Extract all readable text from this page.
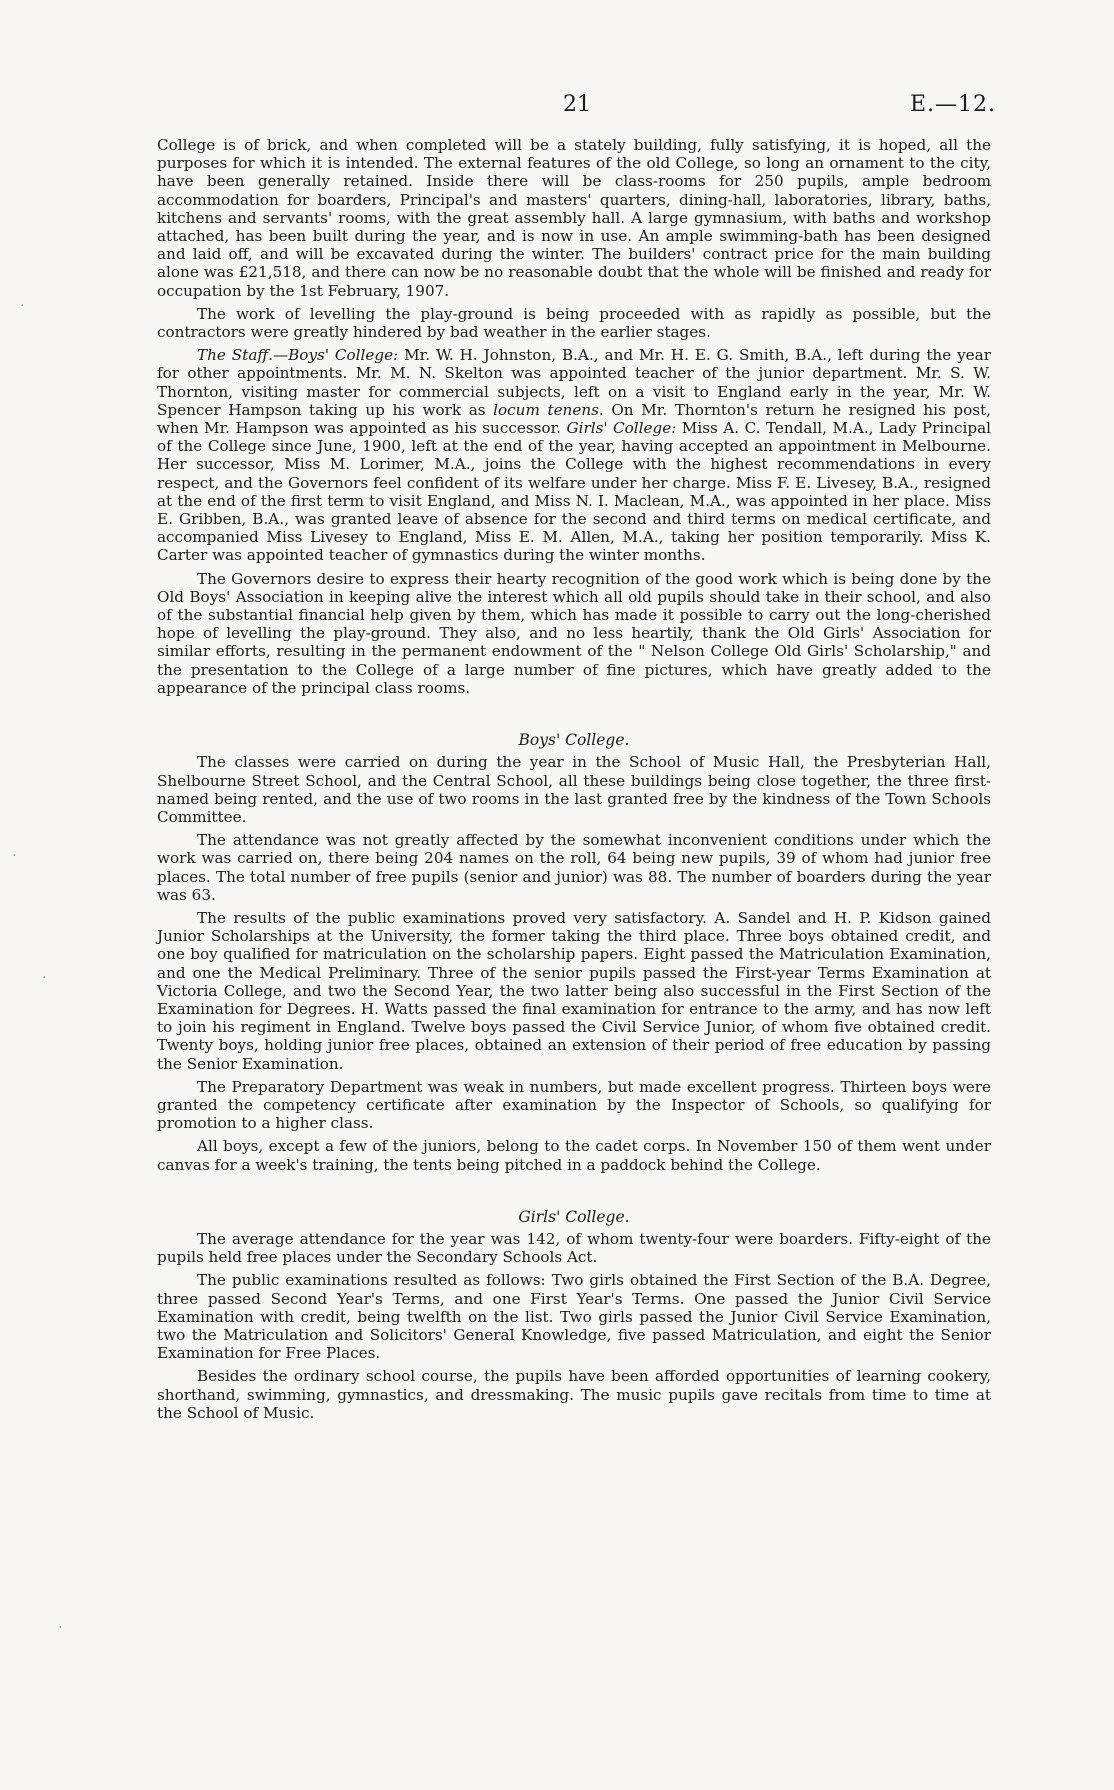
21	E.—12.

College is of brick, and when completed will be a stately building, fully satisfying, it is hoped, all the purposes for which it is intended. The external features of the old College, so long an ornament to the city, have been generally retained. Inside there will be class-rooms for 250 pupils, ample bedroom accommodation for boarders, Principal's and masters' quarters, dining-hall, laboratories, library, baths, kitchens and servants' rooms, with the great assembly hall. A large gymnasium, with baths and workshop attached, has been built during the year, and is now in use. An ample swimming-bath has been designed and laid off, and will be excavated during the winter. The builders' contract price for the main building alone was £21,518, and there can now be no reasonable doubt that the whole will be finished and ready for occupation by the 1st February, 1907.

The work of levelling the play-ground is being proceeded with as rapidly as possible, but the contractors were greatly hindered by bad weather in the earlier stages.

The Staff.—Boys' College: Mr. W. H. Johnston, B.A., and Mr. H. E. G. Smith, B.A., left during the year for other appointments. Mr. M. N. Skelton was appointed teacher of the junior department. Mr. S. W. Thornton, visiting master for commercial subjects, left on a visit to England early in the year, Mr. W. Spencer Hampson taking up his work as locum tenens. On Mr. Thornton's return he resigned his post, when Mr. Hampson was appointed as his successor. Girls' College: Miss A. C. Tendall, M.A., Lady Principal of the College since June, 1900, left at the end of the year, having accepted an appointment in Melbourne. Her successor, Miss M. Lorimer, M.A., joins the College with the highest recommendations in every respect, and the Governors feel confident of its welfare under her charge. Miss F. E. Livesey, B.A., resigned at the end of the first term to visit England, and Miss N. I. Maclean, M.A., was appointed in her place. Miss E. Gribben, B.A., was granted leave of absence for the second and third terms on medical certificate, and accompanied Miss Livesey to England, Miss E. M. Allen, M.A., taking her position temporarily. Miss K. Carter was appointed teacher of gymnastics during the winter months.

The Governors desire to express their hearty recognition of the good work which is being done by the Old Boys' Association in keeping alive the interest which all old pupils should take in their school, and also of the substantial financial help given by them, which has made it possible to carry out the long-cherished hope of levelling the play-ground. They also, and no less heartily, thank the Old Girls' Association for similar efforts, resulting in the permanent endowment of the " Nelson College Old Girls' Scholarship," and the presentation to the College of a large number of fine pictures, which have greatly added to the appearance of the principal class rooms.

Boys' College.

The classes were carried on during the year in the School of Music Hall, the Presbyterian Hall, Shelbourne Street School, and the Central School, all these buildings being close together, the three first-named being rented, and the use of two rooms in the last granted free by the kindness of the Town Schools Committee.

The attendance was not greatly affected by the somewhat inconvenient conditions under which the work was carried on, there being 204 names on the roll, 64 being new pupils, 39 of whom had junior free places. The total number of free pupils (senior and junior) was 88. The number of boarders during the year was 63.

The results of the public examinations proved very satisfactory. A. Sandel and H. P. Kidson gained Junior Scholarships at the University, the former taking the third place. Three boys obtained credit, and one boy qualified for matriculation on the scholarship papers. Eight passed the Matriculation Examination, and one the Medical Preliminary. Three of the senior pupils passed the First-year Terms Examination at Victoria College, and two the Second Year, the two latter being also successful in the First Section of the Examination for Degrees. H. Watts passed the final examination for entrance to the army, and has now left to join his regiment in England. Twelve boys passed the Civil Service Junior, of whom five obtained credit. Twenty boys, holding junior free places, obtained an extension of their period of free education by passing the Senior Examination.

The Preparatory Department was weak in numbers, but made excellent progress. Thirteen boys were granted the competency certificate after examination by the Inspector of Schools, so qualifying for promotion to a higher class.

All boys, except a few of the juniors, belong to the cadet corps. In November 150 of them went under canvas for a week's training, the tents being pitched in a paddock behind the College.

Girls' College.

The average attendance for the year was 142, of whom twenty-four were boarders. Fifty-eight of the pupils held free places under the Secondary Schools Act.

The public examinations resulted as follows: Two girls obtained the First Section of the B.A. Degree, three passed Second Year's Terms, and one First Year's Terms. One passed the Junior Civil Service Examination with credit, being twelfth on the list. Two girls passed the Junior Civil Service Examination, two the Matriculation and Solicitors' General Knowledge, five passed Matriculation, and eight the Senior Examination for Free Places.

Besides the ordinary school course, the pupils have been afforded opportunities of learning cookery, shorthand, swimming, gymnastics, and dressmaking. The music pupils gave recitals from time to time at the School of Music.

·
·
·
·
